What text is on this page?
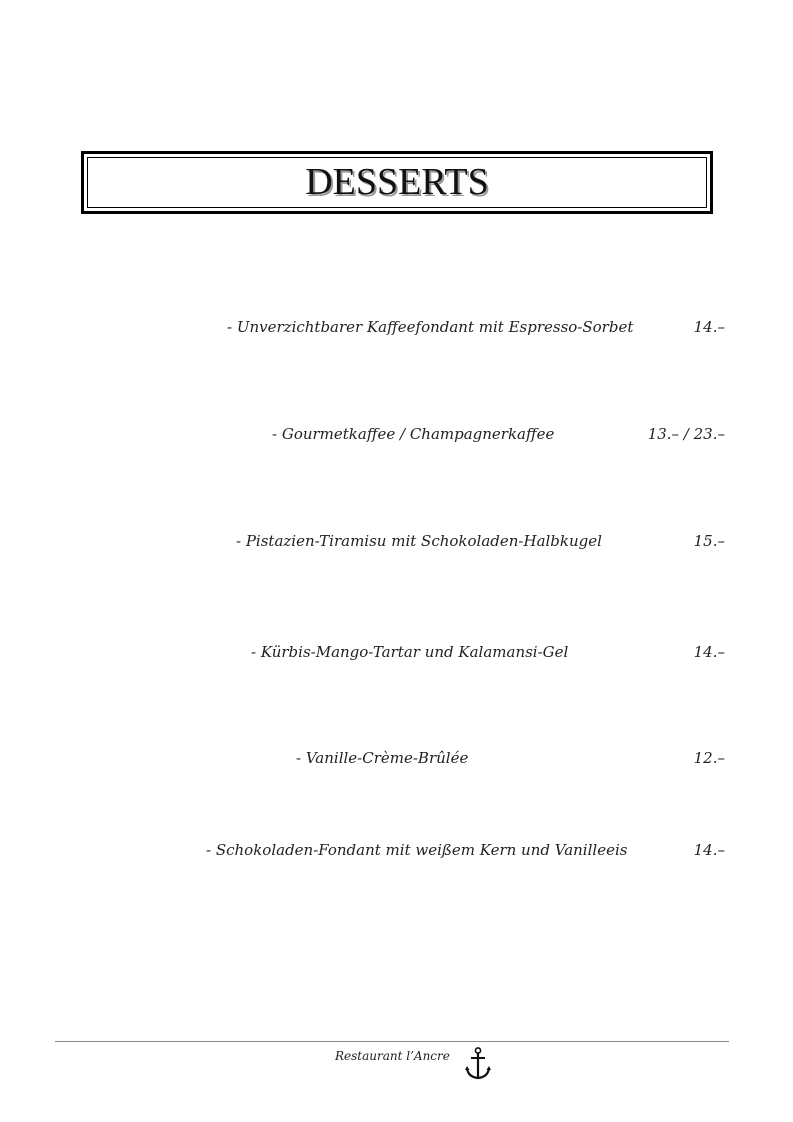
DESSERTS
- Unverzichtbarer Kaffeefondant mit Espresso-Sorbet	14.–
- Gourmetkaffee / Champagnerkaffee	13.– / 23.–
- Pistazien-Tiramisu mit Schokoladen-Halbkugel	15.–
- Kürbis-Mango-Tartar und Kalamansi-Gel	14.–
- Vanille-Crème-Brûlée	12.–
- Schokoladen-Fondant mit weißem Kern und Vanilleeis	14.–
Restaurant l’Ancre
